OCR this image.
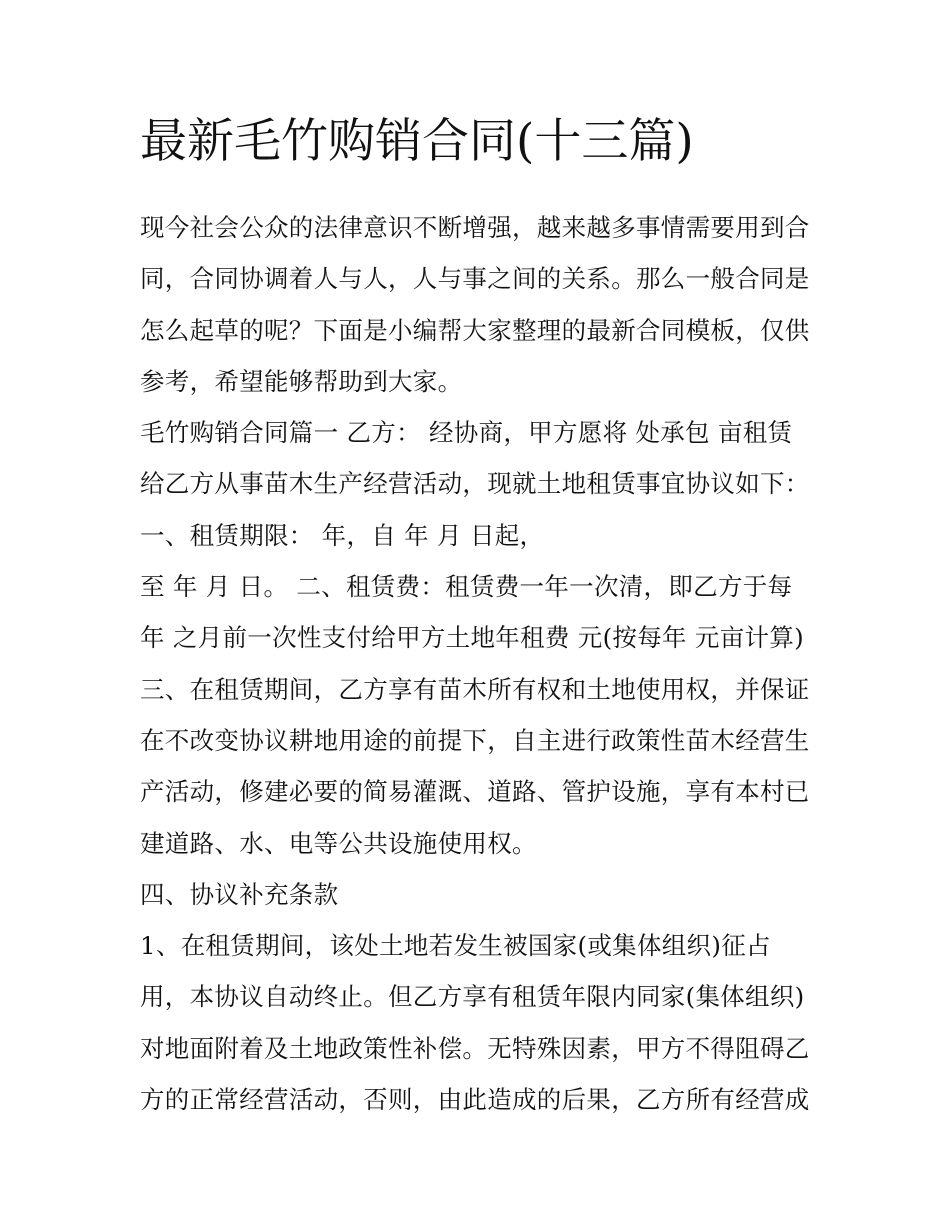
最新毛竹购销合同(十三篇)
现今社会公众的法律意识不断增强，越来越多事情需要用到合
同，合同协调着人与人，人与事之间的关系。那么一般合同是
怎么起草的呢？下面是小编帮大家整理的最新合同模板，仅供
参考，希望能够帮助到大家。
毛竹购销合同篇一 乙方： 经协商，甲方愿将 处承包 亩租赁
给乙方从事苗木生产经营活动，现就土地租赁事宜协议如下：
一、租赁期限： 年，自 年 月 日起，
至 年 月 日。 二、租赁费：租赁费一年一次清，即乙方于每
年 之月前一次性支付给甲方土地年租费 元(按每年 元亩计算)
三、在租赁期间，乙方享有苗木所有权和土地使用权，并保证
在不改变协议耕地用途的前提下，自主进行政策性苗木经营生
产活动，修建必要的简易灌溉、道路、管护设施，享有本村已
建道路、水、电等公共设施使用权。
四、协议补充条款
1、在租赁期间，该处土地若发生被国家(或集体组织)征占
用，本协议自动终止。但乙方享有租赁年限内同家(集体组织)
对地面附着及土地政策性补偿。无特殊因素，甲方不得阻碍乙
方的正常经营活动，否则，由此造成的后果，乙方所有经营成
